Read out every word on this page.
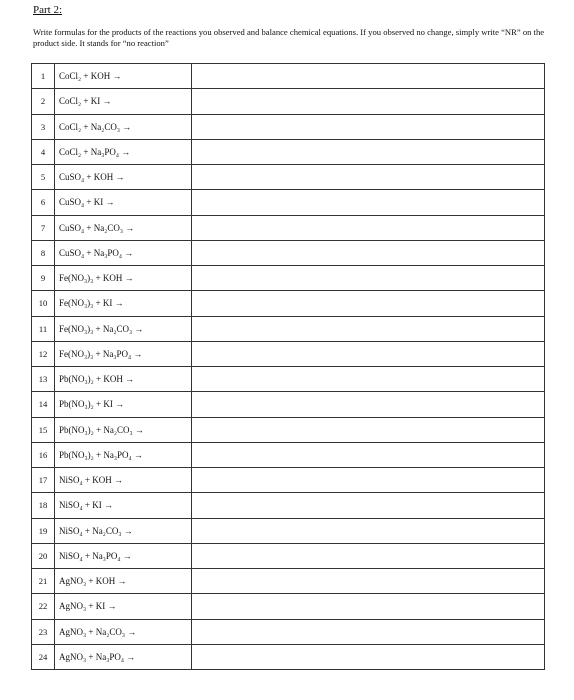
Part 2:
Write formulas for the products of the reactions you observed and balance chemical equations. If you observed no change, simply write “NR” on the product side. It stands for “no reaction”
1	CoCl₂ + KOH →	
2	CoCl₂ + KI →	
3	CoCl₂ + Na₂CO₃ →	
4	CoCl₂ + Na₃PO₄ →	
5	CuSO₄ + KOH →	
6	CuSO₄ + KI →	
7	CuSO₄ + Na₂CO₃ →	
8	CuSO₄ + Na₃PO₄ →	
9	Fe(NO₃)₃ + KOH →	
10	Fe(NO₃)₃ + KI →	
11	Fe(NO₃)₃ + Na₂CO₃ →	
12	Fe(NO₃)₃ + Na₃PO₄ →	
13	Pb(NO₃)₂ + KOH →	
14	Pb(NO₃)₂ + KI →	
15	Pb(NO₃)₂ + Na₂CO₃ →	
16	Pb(NO₃)₂ + Na₃PO₄ →	
17	NiSO₄ + KOH →	
18	NiSO₄ + KI →	
19	NiSO₄ + Na₂CO₃ →	
20	NiSO₄ + Na₃PO₄ →	
21	AgNO₃ + KOH →	
22	AgNO₃ + KI →	
23	AgNO₃ + Na₂CO₃ →	
24	AgNO₃ + Na₃PO₄ →	
